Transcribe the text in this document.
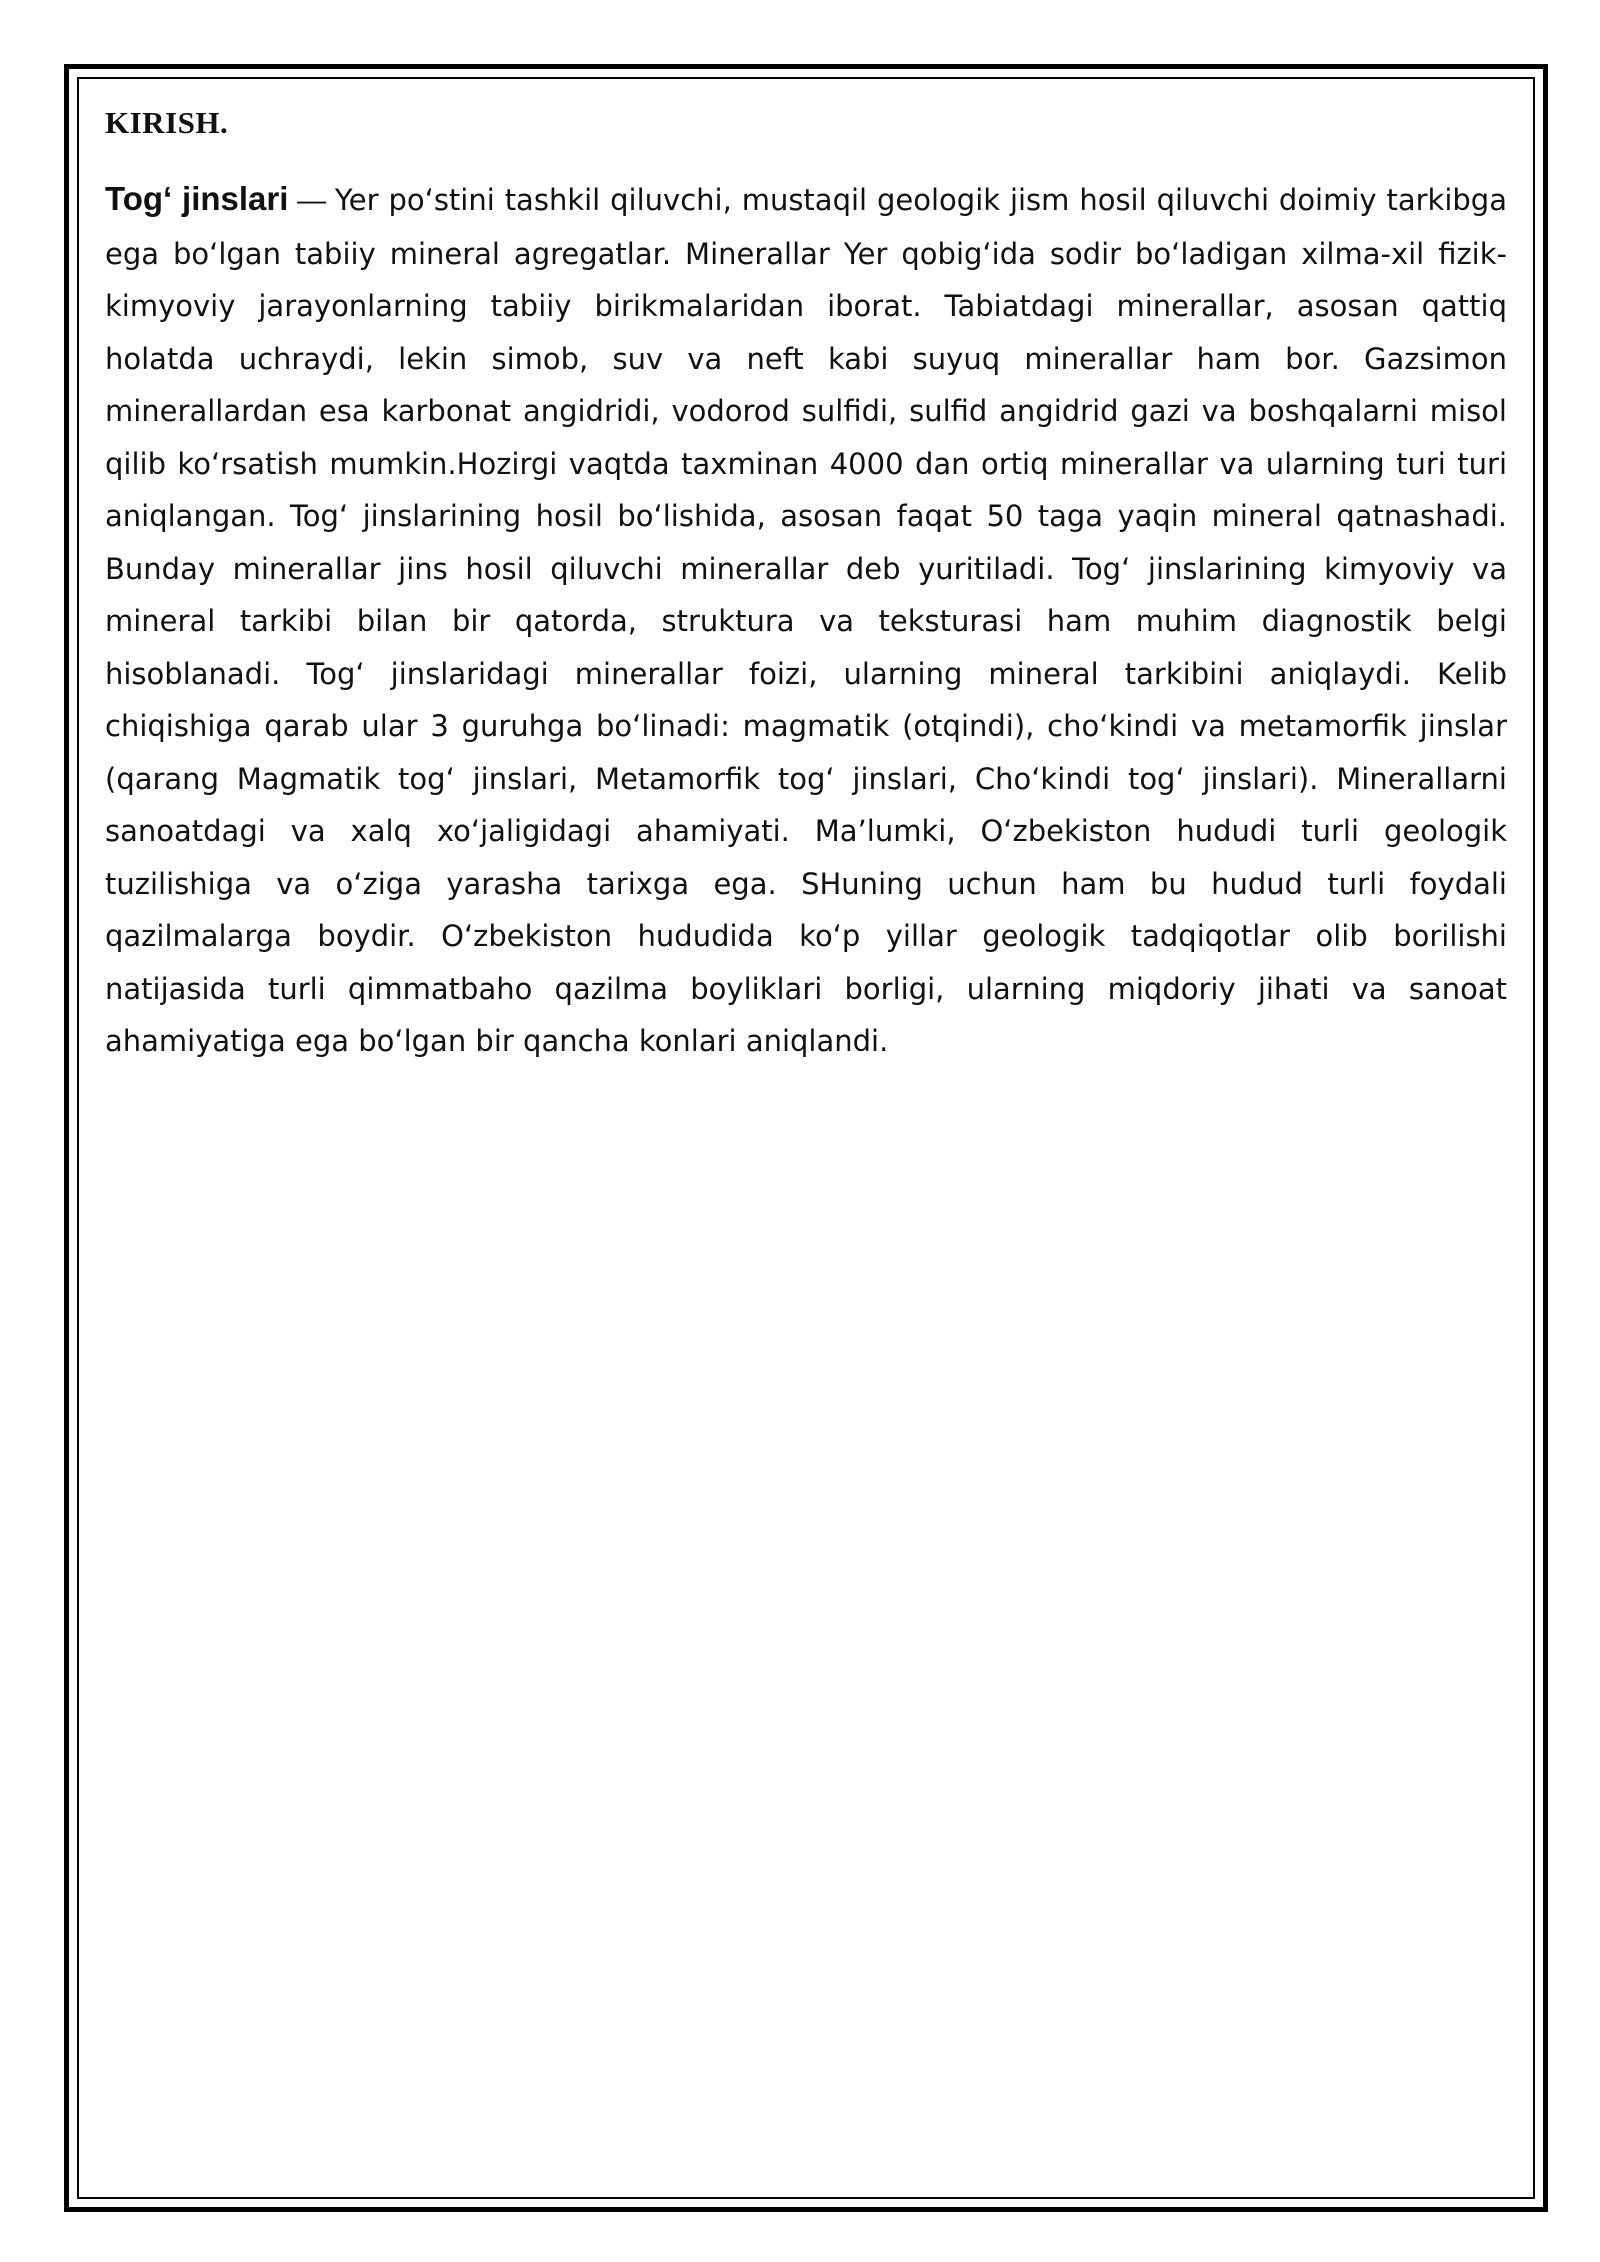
KIRISH.

Tog‘ jinslari — Yer po‘stini tashkil qiluvchi, mustaqil geologik jism hosil qiluvchi doimiy tarkibga ega bo‘lgan tabiiy mineral agregatlar. Minerallar Yer qobig‘ida sodir bo‘ladigan xilma-xil fizik-kimyoviy jarayonlarning tabiiy birikmalaridan iborat. Tabiatdagi minerallar, asosan qattiq holatda uchraydi, lekin simob, suv va neft kabi suyuq minerallar ham bor. Gazsimon minerallardan esa karbonat angidridi, vodorod sulfidi, sulfid angidrid gazi va boshqalarni misol qilib ko‘rsatish mumkin.Hozirgi vaqtda taxminan 4000 dan ortiq minerallar va ularning turi turi aniqlangan. Tog‘ jinslarining hosil bo‘lishida, asosan faqat 50 taga yaqin mineral qatnashadi. Bunday minerallar jins hosil qiluvchi minerallar deb yuritiladi. Tog‘ jinslarining kimyoviy va mineral tarkibi bilan bir qatorda, struktura va teksturasi ham muhim diagnostik belgi hisoblanadi. Tog‘ jinslaridagi minerallar foizi, ularning mineral tarkibini aniqlaydi. Kelib chiqishiga qarab ular 3 guruhga bo‘linadi: magmatik (otqindi), cho‘kindi va metamorfik jinslar (qarang Magmatik tog‘ jinslari, Metamorfik tog‘ jinslari, Cho‘kindi tog‘ jinslari). Minerallarni sanoatdagi va xalq xo‘jaligidagi ahamiyati. Ma’lumki, O‘zbekiston hududi turli geologik tuzilishiga va o‘ziga yarasha tarixga ega. SHuning uchun ham bu hudud turli foydali qazilmalarga boydir. O‘zbekiston hududida ko‘p yillar geologik tadqiqotlar olib borilishi natijasida turli qimmatbaho qazilma boyliklari borligi, ularning miqdoriy jihati va sanoat ahamiyatiga ega bo‘lgan bir qancha konlari aniqlandi.
